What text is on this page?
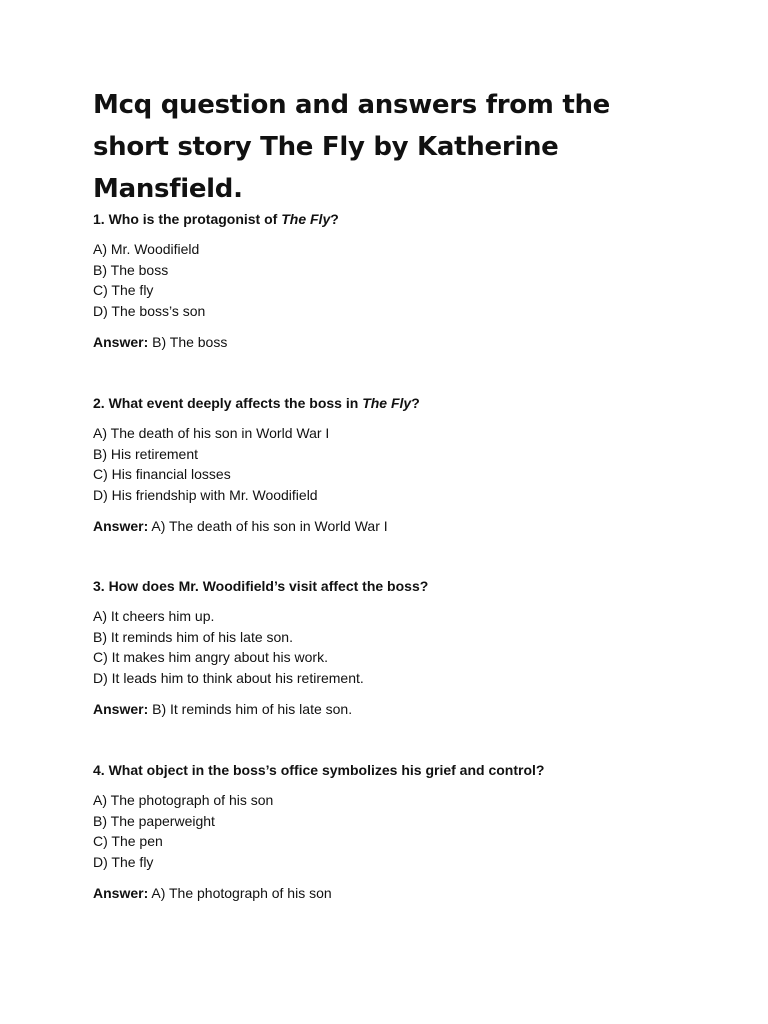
Mcq question and answers from the short story The Fly by Katherine Mansfield.

1. Who is the protagonist of The Fly?

A) Mr. Woodifield
B) The boss
C) The fly
D) The boss’s son

Answer: B) The boss

2. What event deeply affects the boss in The Fly?

A) The death of his son in World War I
B) His retirement
C) His financial losses
D) His friendship with Mr. Woodifield

Answer: A) The death of his son in World War I

3. How does Mr. Woodifield’s visit affect the boss?

A) It cheers him up.
B) It reminds him of his late son.
C) It makes him angry about his work.
D) It leads him to think about his retirement.

Answer: B) It reminds him of his late son.

4. What object in the boss’s office symbolizes his grief and control?

A) The photograph of his son
B) The paperweight
C) The pen
D) The fly

Answer: A) The photograph of his son
